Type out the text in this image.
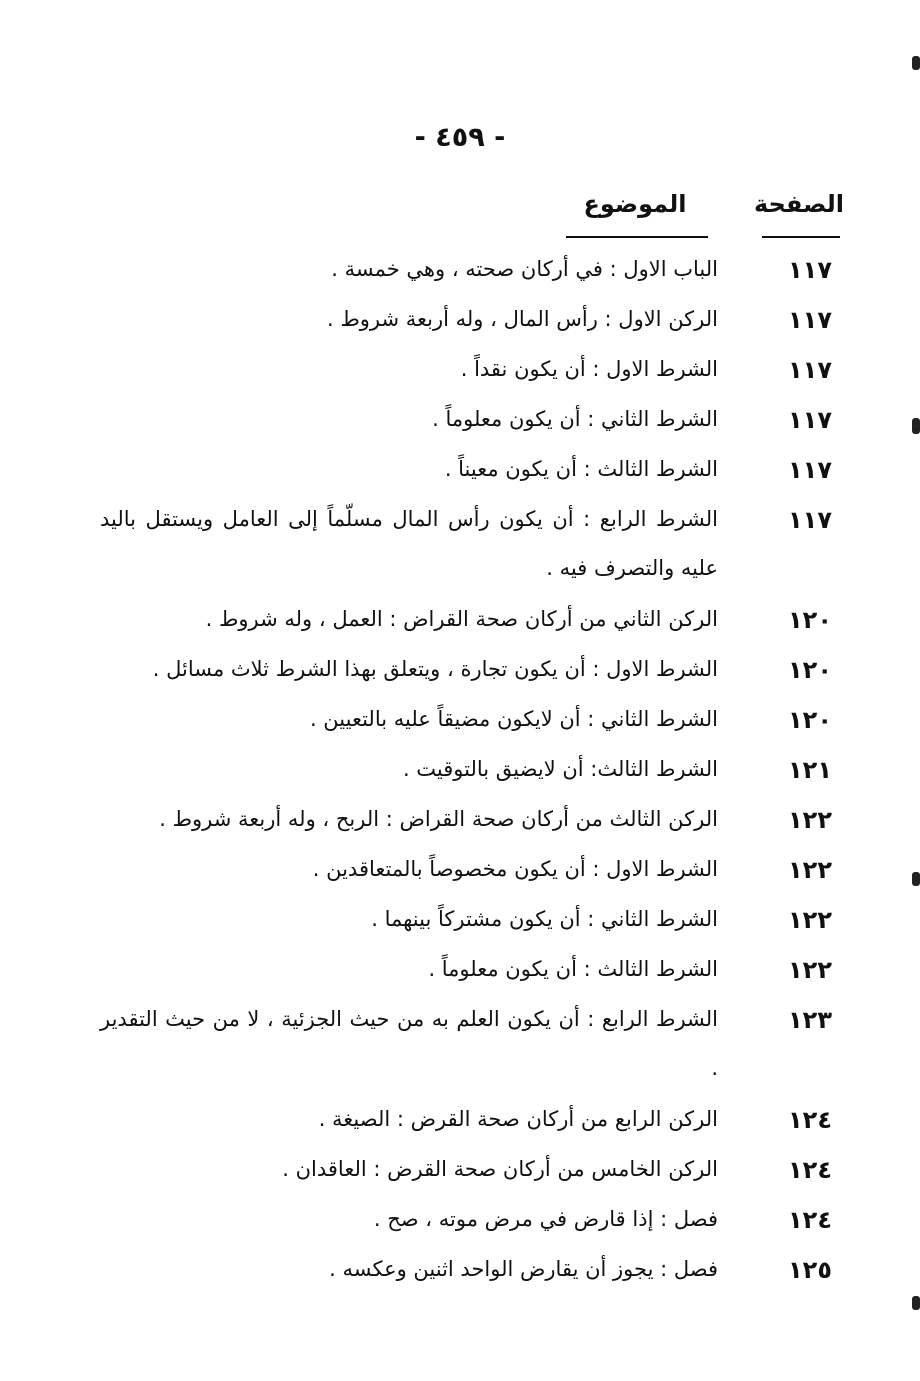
- ٤٥٩ -
الصفحة
الموضوع
١١٧
الباب الاول : في أركان صحته ، وهي خمسة .
١١٧
الركن الاول : رأس المال ، وله أربعة شروط .
١١٧
الشرط الاول : أن يكون نقداً .
١١٧
الشرط الثاني : أن يكون معلوماً .
١١٧
الشرط الثالث : أن يكون معيناً .
١١٧
الشرط الرابع : أن يكون رأس المال مسلّماً إلى العامل ويستقل باليد عليه والتصرف فيه .
١٢٠
الركن الثاني من أركان صحة القراض : العمل ، وله شروط .
١٢٠
الشرط الاول : أن يكون تجارة ، ويتعلق بهذا الشرط ثلاث مسائل .
١٢٠
الشرط الثاني : أن لايكون مضيقاً عليه بالتعيين .
١٢١
الشرط الثالث: أن لايضيق بالتوقيت .
١٢٢
الركن الثالث من أركان صحة القراض : الربح ، وله أربعة شروط .
١٢٢
الشرط الاول : أن يكون مخصوصاً بالمتعاقدين .
١٢٢
الشرط الثاني : أن يكون مشتركاً بينهما .
١٢٢
الشرط الثالث : أن يكون معلوماً .
١٢٣
الشرط الرابع : أن يكون العلم به من حيث الجزئية ، لا من حيث التقدير .
١٢٤
الركن الرابع من أركان صحة القرض : الصيغة .
١٢٤
الركن الخامس من أركان صحة القرض : العاقدان .
١٢٤
فصل : إذا قارض في مرض موته ، صح .
١٢٥
فصل : يجوز أن يقارض الواحد اثنين وعكسه .
